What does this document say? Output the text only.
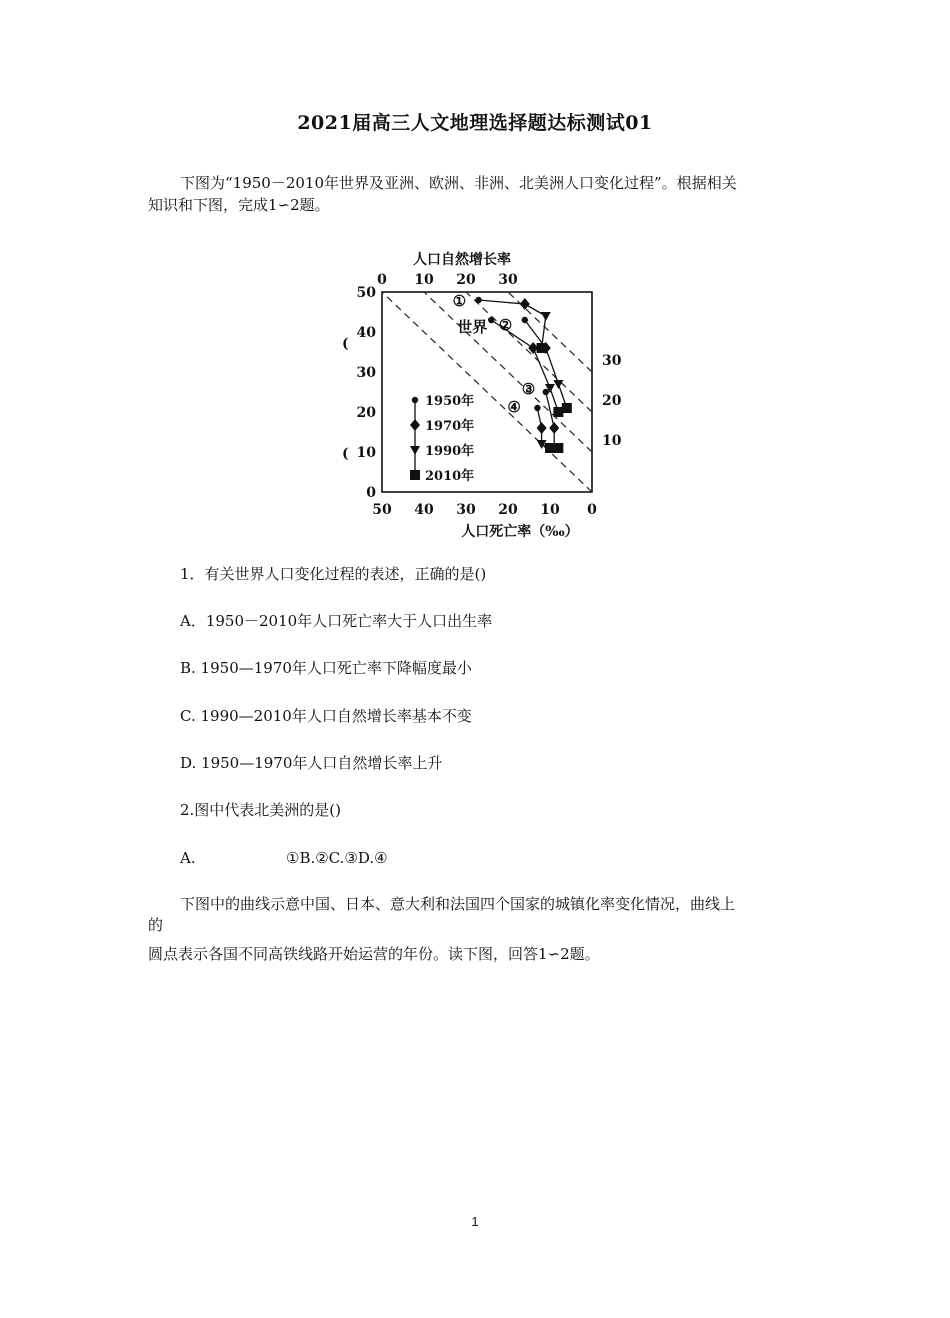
2021届高三人文地理选择题达标测试01
下图为“1950－2010年世界及亚洲、欧洲、非洲、北美洲人口变化过程”。根据相关
知识和下图，完成1∽2题。
人口自然增长率
50 40 30 20 10 0
0
10
20
30
40
50
0 10 20 30
10
20
30
世界
①
②
③
④
1950年
1970年
1990年
2010年
人口死亡率（‰）
(
(
1．有关世界人口变化过程的表述，正确的是()
A．1950－2010年人口死亡率大于人口出生率
B. 1950—1970年人口死亡率下降幅度最小
C. 1990—2010年人口自然增长率基本不变
D. 1950—1970年人口自然增长率上升
2.图中代表北美洲的是()
A.	①B.②C.③D.④
下图中的曲线示意中国、日本、意大利和法国四个国家的城镇化率变化情况，曲线上
的
圆点表示各国不同高铁线路开始运营的年份。读下图，回答1∽2题。
1
